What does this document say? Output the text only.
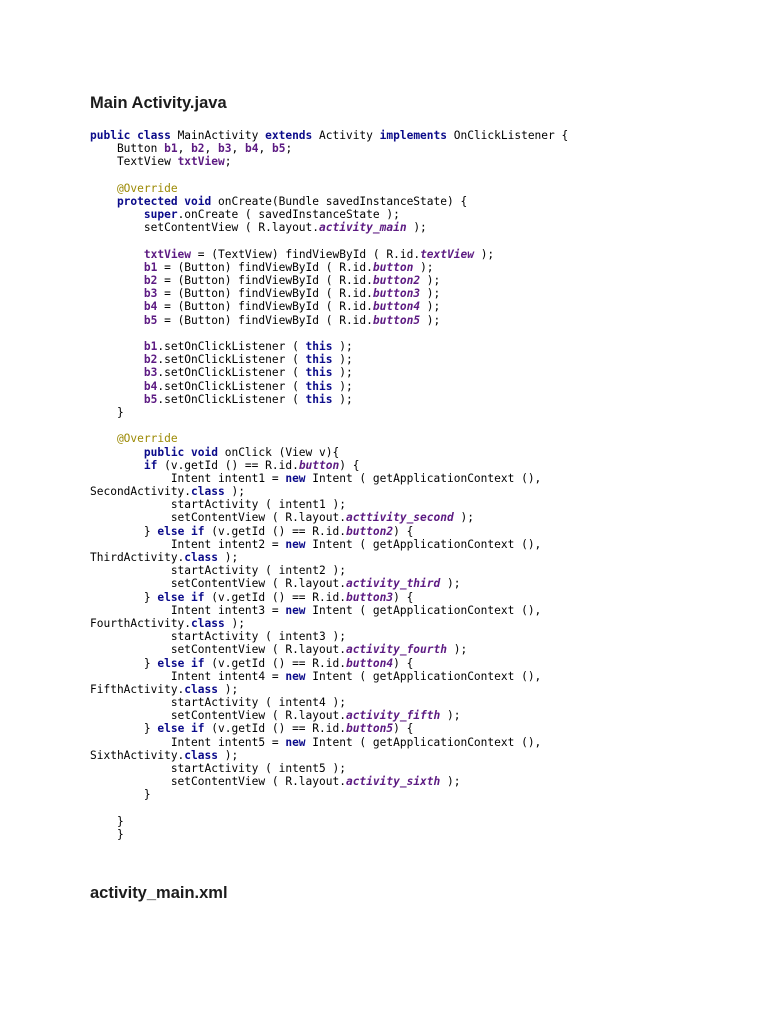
Main Activity.java
public class MainActivity extends Activity implements OnClickListener {
Button b1, b2, b3, b4, b5;
TextView txtView;
@Override
protected void onCreate(Bundle savedInstanceState) {
super.onCreate ( savedInstanceState );
setContentView ( R.layout.activity_main );
txtView = (TextView) findViewById ( R.id.textView );
b1 = (Button) findViewById ( R.id.button );
b2 = (Button) findViewById ( R.id.button2 );
b3 = (Button) findViewById ( R.id.button3 );
b4 = (Button) findViewById ( R.id.button4 );
b5 = (Button) findViewById ( R.id.button5 );
b1.setOnClickListener ( this );
b2.setOnClickListener ( this );
b3.setOnClickListener ( this );
b4.setOnClickListener ( this );
b5.setOnClickListener ( this );
}
@Override
public void onClick (View v){
if (v.getId () == R.id.button) {
Intent intent1 = new Intent ( getApplicationContext (),
SecondActivity.class );
startActivity ( intent1 );
setContentView ( R.layout.acttivity_second );
} else if (v.getId () == R.id.button2) {
Intent intent2 = new Intent ( getApplicationContext (),
ThirdActivity.class );
startActivity ( intent2 );
setContentView ( R.layout.activity_third );
} else if (v.getId () == R.id.button3) {
Intent intent3 = new Intent ( getApplicationContext (),
FourthActivity.class );
startActivity ( intent3 );
setContentView ( R.layout.activity_fourth );
} else if (v.getId () == R.id.button4) {
Intent intent4 = new Intent ( getApplicationContext (),
FifthActivity.class );
startActivity ( intent4 );
setContentView ( R.layout.activity_fifth );
} else if (v.getId () == R.id.button5) {
Intent intent5 = new Intent ( getApplicationContext (),
SixthActivity.class );
startActivity ( intent5 );
setContentView ( R.layout.activity_sixth );
}
}
}
activity_main.xml
